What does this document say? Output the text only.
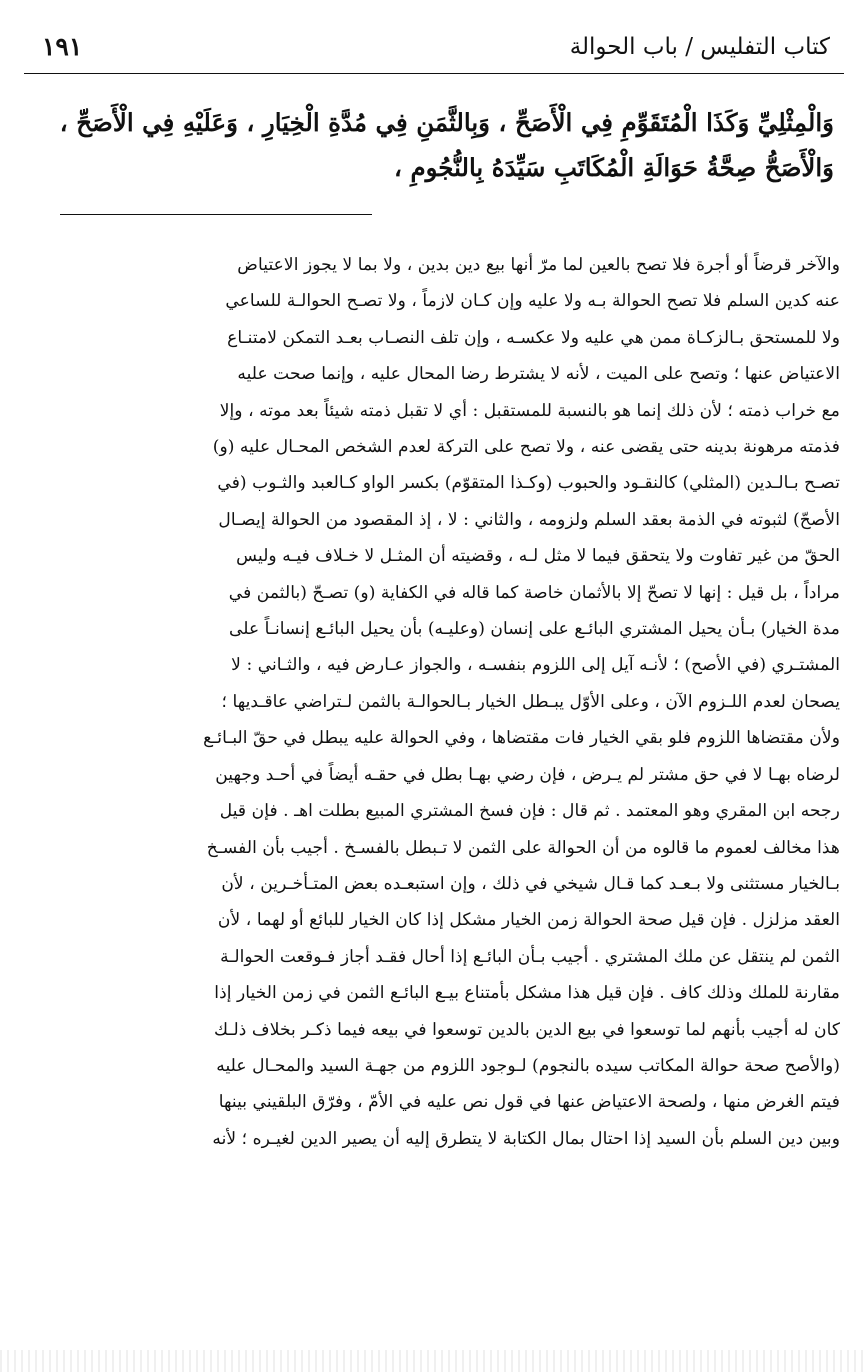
كتاب التفليس / باب الحوالة
١٩١

وَالْمِثْلِيِّ وَكَذَا الْمُتَقَوِّمِ فِي الْأَصَحِّ ، وَبِالثَّمَنِ فِي مُدَّةِ الْخِيَارِ ، وَعَلَيْهِ فِي الْأَصَحِّ ،

وَالْأَصَحُّ صِحَّةُ حَوَالَةِ الْمُكَاتَبِ سَيِّدَهُ بِالنُّجُومِ ،

والآخر قرضاً أو أجرة فلا تصح بالعين لما مرّ أنها بيع دين بدين ، ولا بما لا يجوز الاعتياض

عنه كدين السلم فلا تصح الحوالة بـه ولا عليه وإن كـان لازماً ، ولا تصـح الحوالـة للساعي

ولا للمستحق بـالزكـاة ممن هي عليه ولا عكسـه ، وإن تلف النصـاب بعـد التمكن لامتنـاع

الاعتياض عنها ؛ وتصح على الميت ، لأنه لا يشترط رضا المحال عليه ، وإنما صحت عليه

مع خراب ذمته ؛ لأن ذلك إنما هو بالنسبة للمستقبل : أي لا تقبل ذمته شيئاً بعد موته ، وإلا

فذمته مرهونة بدينه حتى يقضى عنه ، ولا تصح على التركة لعدم الشخص المحـال عليه (و)

تصـح بـالـدين (المثلي) كالنقـود والحبوب (وكـذا المتقوّم) بكسر الواو كـالعبد والثـوب (في

الأصحّ) لثبوته في الذمة بعقد السلم ولزومه ، والثاني : لا ، إذ المقصود من الحوالة إيصـال

الحقّ من غير تفاوت ولا يتحقق فيما لا مثل لـه ، وقضيته أن المثـل لا خـلاف فيـه وليس

مراداً ، بل قيل : إنها لا تصحّ إلا بالأثمان خاصة كما قاله في الكفاية (و) تصـحّ (بالثمن في

مدة الخيار) بـأن يحيل المشتري البائـع على إنسان (وعليـه) بأن يحيل البائـع إنسانـاً على

المشتـري (في الأصح) ؛ لأنـه آيل إلى اللزوم بنفسـه ، والجواز عـارض فيه ، والثـاني : لا

يصحان لعدم اللـزوم الآن ، وعلى الأوّل يبـطل الخيار بـالحوالـة بالثمن لـتراضي عاقـديها ؛

ولأن مقتضاها اللزوم فلو بقي الخيار فات مقتضاها ، وفي الحوالة عليه يبطل في حقّ البـائـع

لرضاه بهـا لا في حق مشتر لم يـرض ، فإن رضي بهـا بطل في حقـه أيضاً في أحـد وجهين

رجحه ابن المقري وهو المعتمد . ثم قال : فإن فسخ المشتري المبيع بطلت اهـ . فإن قيل

هذا مخالف لعموم ما قالوه من أن الحوالة على الثمن لا تـبطل بالفسـخ . أجيب بأن الفسـخ

بـالخيار مستثنى ولا بـعـد كما قـال شيخي في ذلك ، وإن استبعـده بعض المتـأخـرين ، لأن

العقد مزلزل . فإن قيل صحة الحوالة زمن الخيار مشكل إذا كان الخيار للبائع أو لهما ، لأن

الثمن لم ينتقل عن ملك المشتري . أجيب بـأن البائـع إذا أحال فقـد أجاز فـوقعت الحوالـة

مقارنة للملك وذلك كاف . فإن قيل هذا مشكل بأمتناع بيـع البائـع الثمن في زمن الخيار إذا

كان له أجيب بأنهم لما توسعوا في بيع الدين بالدين توسعوا في بيعه فيما ذكـر بخلاف ذلـك

(والأصح صحة حوالة المكاتب سيده بالنجوم) لـوجود اللزوم من جهـة السيد والمحـال عليه

فيتم الغرض منها ، ولصحة الاعتياض عنها في قول نص عليه في الأمّ ، وفرّق البلقيني بينها

وبين دين السلم بأن السيد إذا احتال بمال الكتابة لا يتطرق إليه أن يصير الدين لغيـره ؛ لأنه
